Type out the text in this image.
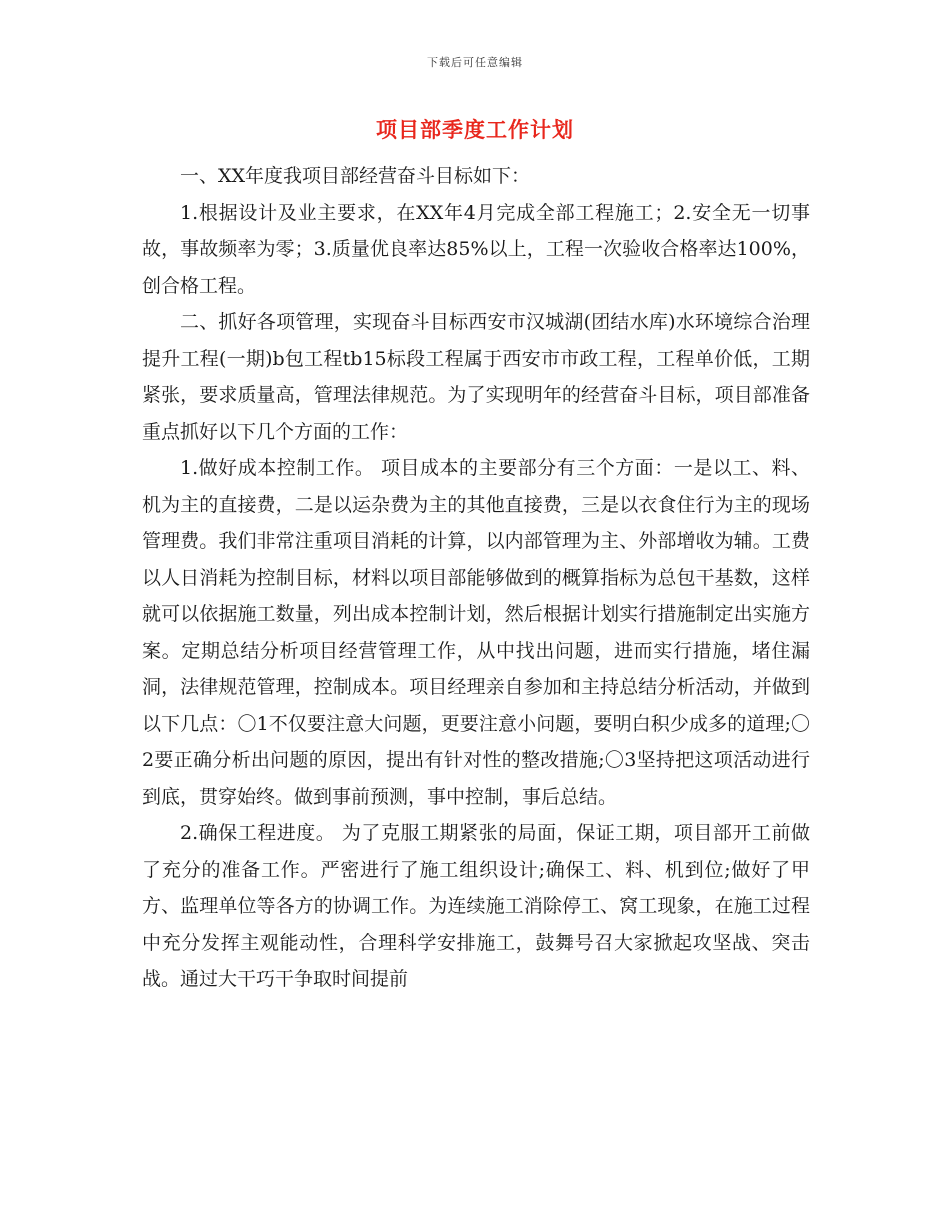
下载后可任意编辑
项目部季度工作计划

一、XX年度我项目部经营奋斗目标如下：

1.根据设计及业主要求，在XX年4月完成全部工程施工；2.安全无一切事故，事故频率为零；3.质量优良率达85%以上，工程一次验收合格率达100%，创合格工程。

二、抓好各项管理，实现奋斗目标西安市汉城湖(团结水库)水环境综合治理提升工程(一期)b包工程tb15标段工程属于西安市市政工程，工程单价低，工期紧张，要求质量高，管理法律规范。为了实现明年的经营奋斗目标，项目部准备重点抓好以下几个方面的工作：

1.做好成本控制工作。 项目成本的主要部分有三个方面：一是以工、料、机为主的直接费，二是以运杂费为主的其他直接费，三是以衣食住行为主的现场管理费。我们非常注重项目消耗的计算，以内部管理为主、外部增收为辅。工费以人日消耗为控制目标，材料以项目部能够做到的概算指标为总包干基数，这样就可以依据施工数量，列出成本控制计划，然后根据计划实行措施制定出实施方案。定期总结分析项目经营管理工作，从中找出问题，进而实行措施，堵住漏洞，法律规范管理，控制成本。项目经理亲自参加和主持总结分析活动，并做到以下几点：〇1不仅要注意大问题，更要注意小问题，要明白积少成多的道理;〇2要正确分析出问题的原因，提出有针对性的整改措施;〇3坚持把这项活动进行到底，贯穿始终。做到事前预测，事中控制，事后总结。

2.确保工程进度。 为了克服工期紧张的局面，保证工期，项目部开工前做了充分的准备工作。严密进行了施工组织设计;确保工、料、机到位;做好了甲方、监理单位等各方的协调工作。为连续施工消除停工、窝工现象，在施工过程中充分发挥主观能动性，合理科学安排施工，鼓舞号召大家掀起攻坚战、突击战。通过大干巧干争取时间提前
